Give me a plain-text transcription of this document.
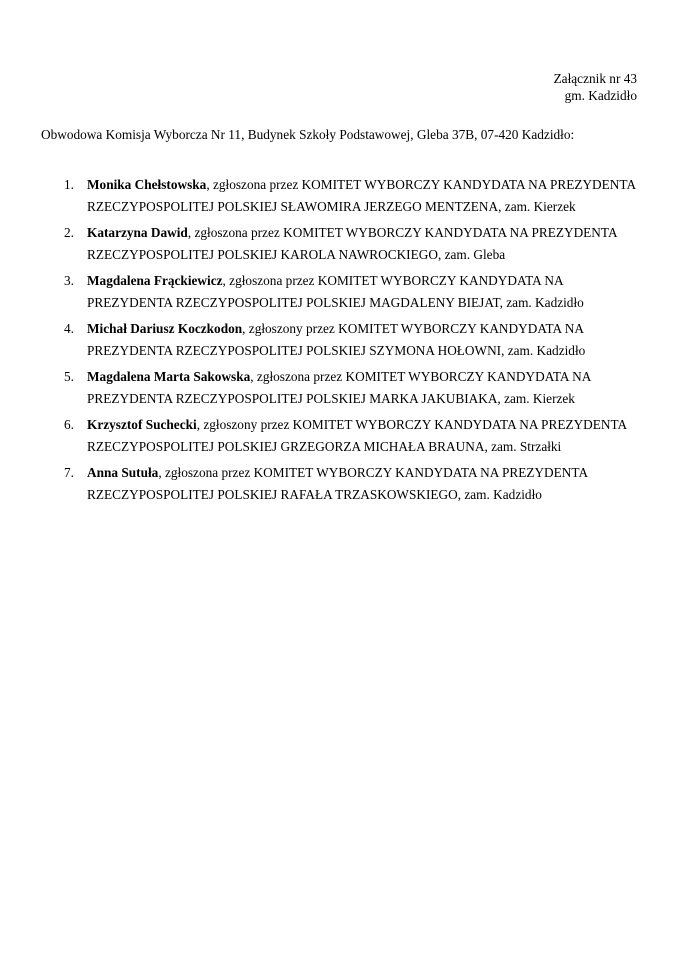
Załącznik nr 43
gm. Kadzidło
Obwodowa Komisja Wyborcza Nr 11, Budynek Szkoły Podstawowej, Gleba 37B, 07-420 Kadzidło:
1. Monika Chełstowska, zgłoszona przez KOMITET WYBORCZY KANDYDATA NA PREZYDENTA RZECZYPOSPOLITEJ POLSKIEJ SŁAWOMIRA JERZEGO MENTZENA, zam. Kierzek
2. Katarzyna Dawid, zgłoszona przez KOMITET WYBORCZY KANDYDATA NA PREZYDENTA RZECZYPOSPOLITEJ POLSKIEJ KAROLA NAWROCKIEGO, zam. Gleba
3. Magdalena Frąckiewicz, zgłoszona przez KOMITET WYBORCZY KANDYDATA NA PREZYDENTA RZECZYPOSPOLITEJ POLSKIEJ MAGDALENY BIEJAT, zam. Kadzidło
4. Michał Dariusz Koczkodon, zgłoszony przez KOMITET WYBORCZY KANDYDATA NA PREZYDENTA RZECZYPOSPOLITEJ POLSKIEJ SZYMONA HOŁOWNI, zam. Kadzidło
5. Magdalena Marta Sakowska, zgłoszona przez KOMITET WYBORCZY KANDYDATA NA PREZYDENTA RZECZYPOSPOLITEJ POLSKIEJ MARKA JAKUBIAKA, zam. Kierzek
6. Krzysztof Suchecki, zgłoszony przez KOMITET WYBORCZY KANDYDATA NA PREZYDENTA RZECZYPOSPOLITEJ POLSKIEJ GRZEGORZA MICHAŁA BRAUNA, zam. Strzałki
7. Anna Sutuła, zgłoszona przez KOMITET WYBORCZY KANDYDATA NA PREZYDENTA RZECZYPOSPOLITEJ POLSKIEJ RAFAŁA TRZASKOWSKIEGO, zam. Kadzidło
